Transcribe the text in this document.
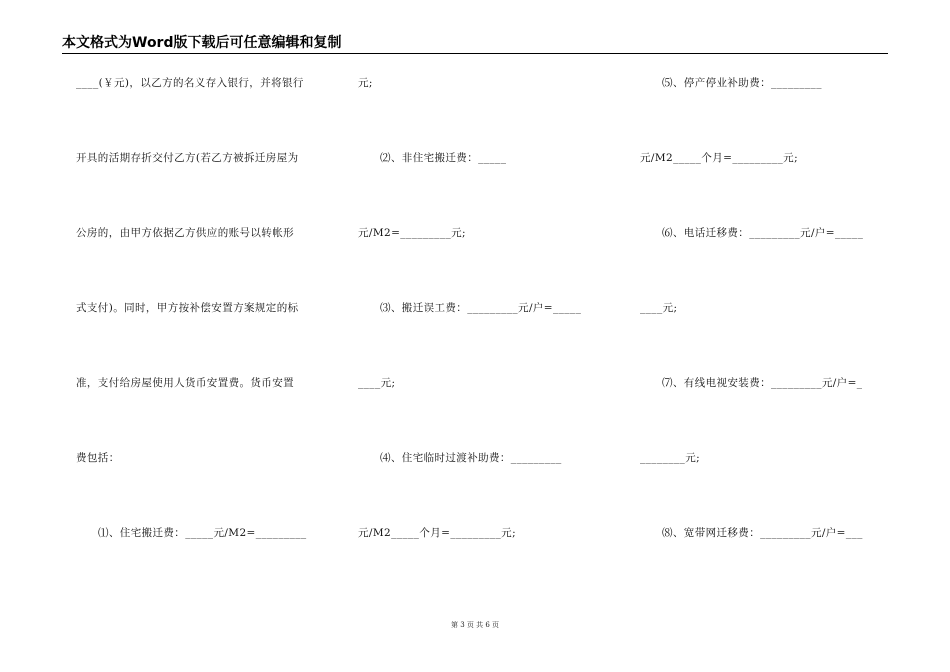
本文格式为Word版下载后可任意编辑和复制
____(￥元)，以乙方的名义存入银行，并将银行
开具的活期存折交付乙方(若乙方被拆迁房屋为
公房的，由甲方依据乙方供应的账号以转帐形
式支付)。同时，甲方按补偿安置方案规定的标
准，支付给房屋使用人货币安置费。货币安置
费包括：
⑴、住宅搬迁费：_____元/M2=_________
元;
⑵、非住宅搬迁费：_____
元/M2=_________元;
⑶、搬迁误工费：_________元/户=_____
____元;
⑷、住宅临时过渡补助费：_________
元/M2_____个月=_________元;
⑸、停产停业补助费：_________
元/M2_____个月=_________元;
⑹、电话迁移费：_________元/户=_____
____元;
⑺、有线电视安装费：_________元/户=_
________元;
⑻、宽带网迁移费：_________元/户=___
第 3 页 共 6 页
